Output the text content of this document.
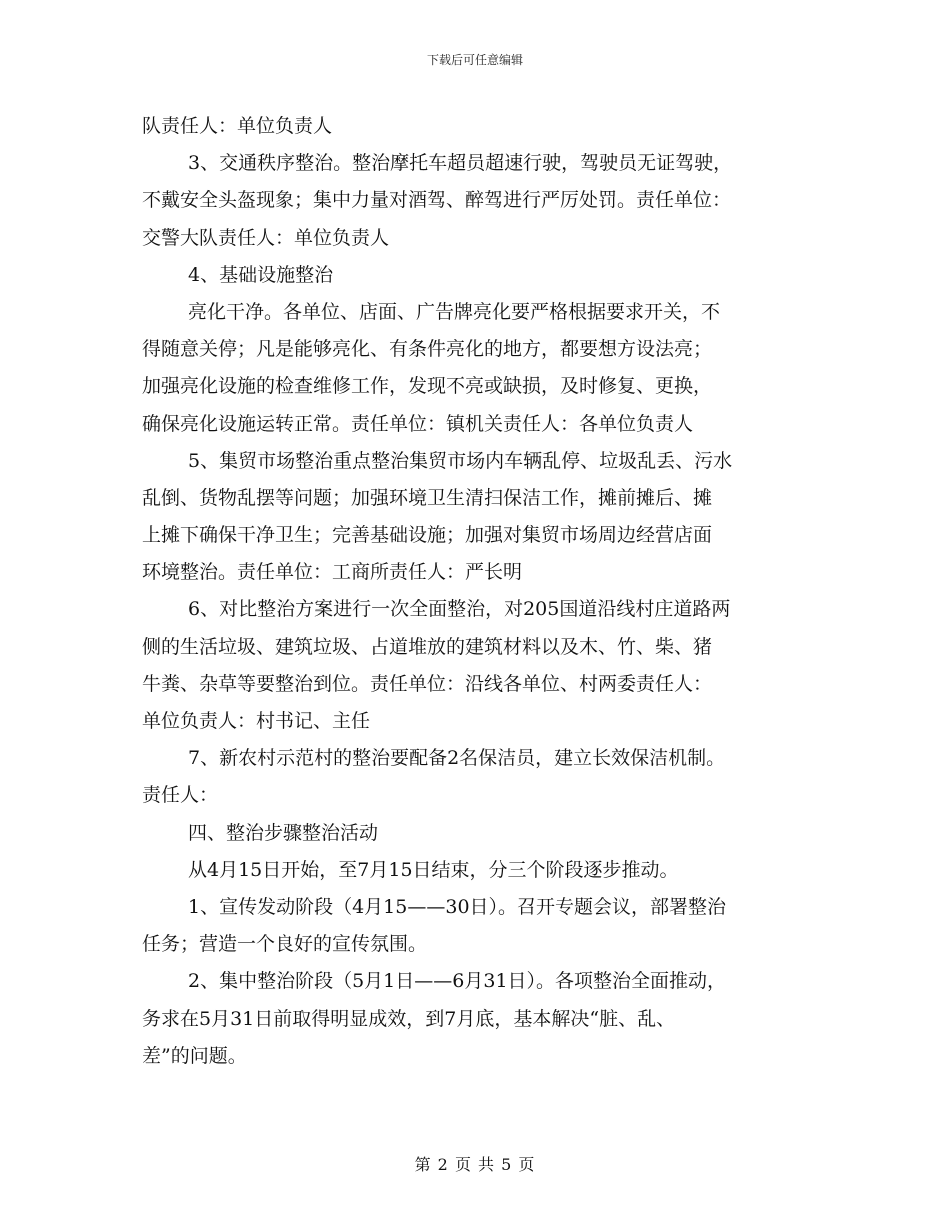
下载后可任意编辑
队责任人：单位负责人
3、交通秩序整治。整治摩托车超员超速行驶，驾驶员无证驾驶，
不戴安全头盔现象；集中力量对酒驾、醉驾进行严厉处罚。责任单位：
交警大队责任人：单位负责人
4、基础设施整治
亮化干净。各单位、店面、广告牌亮化要严格根据要求开关，不
得随意关停；凡是能够亮化、有条件亮化的地方，都要想方设法亮；
加强亮化设施的检查维修工作，发现不亮或缺损，及时修复、更换，
确保亮化设施运转正常。责任单位：镇机关责任人：各单位负责人
5、集贸市场整治重点整治集贸市场内车辆乱停、垃圾乱丢、污水
乱倒、货物乱摆等问题；加强环境卫生清扫保洁工作，摊前摊后、摊
上摊下确保干净卫生；完善基础设施；加强对集贸市场周边经营店面
环境整治。责任单位：工商所责任人：严长明
6、对比整治方案进行一次全面整治，对205国道沿线村庄道路两
侧的生活垃圾、建筑垃圾、占道堆放的建筑材料以及木、竹、柴、猪
牛粪、杂草等要整治到位。责任单位：沿线各单位、村两委责任人：
单位负责人：村书记、主任
7、新农村示范村的整治要配备2名保洁员，建立长效保洁机制。
责任人：
四、整治步骤整治活动
从4月15日开始，至7月15日结束，分三个阶段逐步推动。
1、宣传发动阶段（4月15——30日）。召开专题会议，部署整治
任务；营造一个良好的宣传氛围。
2、集中整治阶段（5月1日——6月31日）。各项整治全面推动，
务求在5月31日前取得明显成效，到7月底，基本解决“脏、乱、
差”的问题。
第 2 页 共 5 页
